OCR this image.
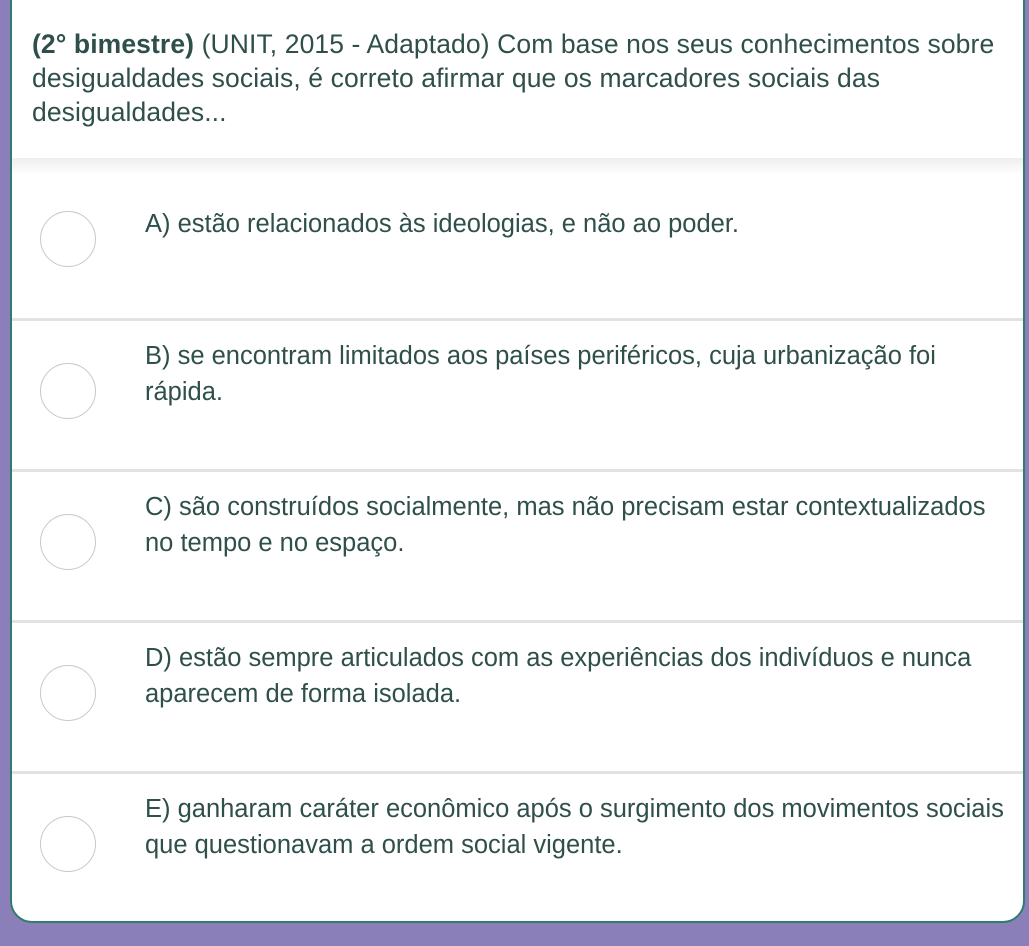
(2° bimestre) (UNIT, 2015 - Adaptado) Com base nos seus conhecimentos sobre desigualdades sociais, é correto afirmar que os marcadores sociais das desigualdades...
A) estão relacionados às ideologias, e não ao poder.
B) se encontram limitados aos países periféricos, cuja urbanização foi rápida.
C) são construídos socialmente, mas não precisam estar contextualizados no tempo e no espaço.
D) estão sempre articulados com as experiências dos indivíduos e nunca aparecem de forma isolada.
E) ganharam caráter econômico após o surgimento dos movimentos sociais que questionavam a ordem social vigente.
